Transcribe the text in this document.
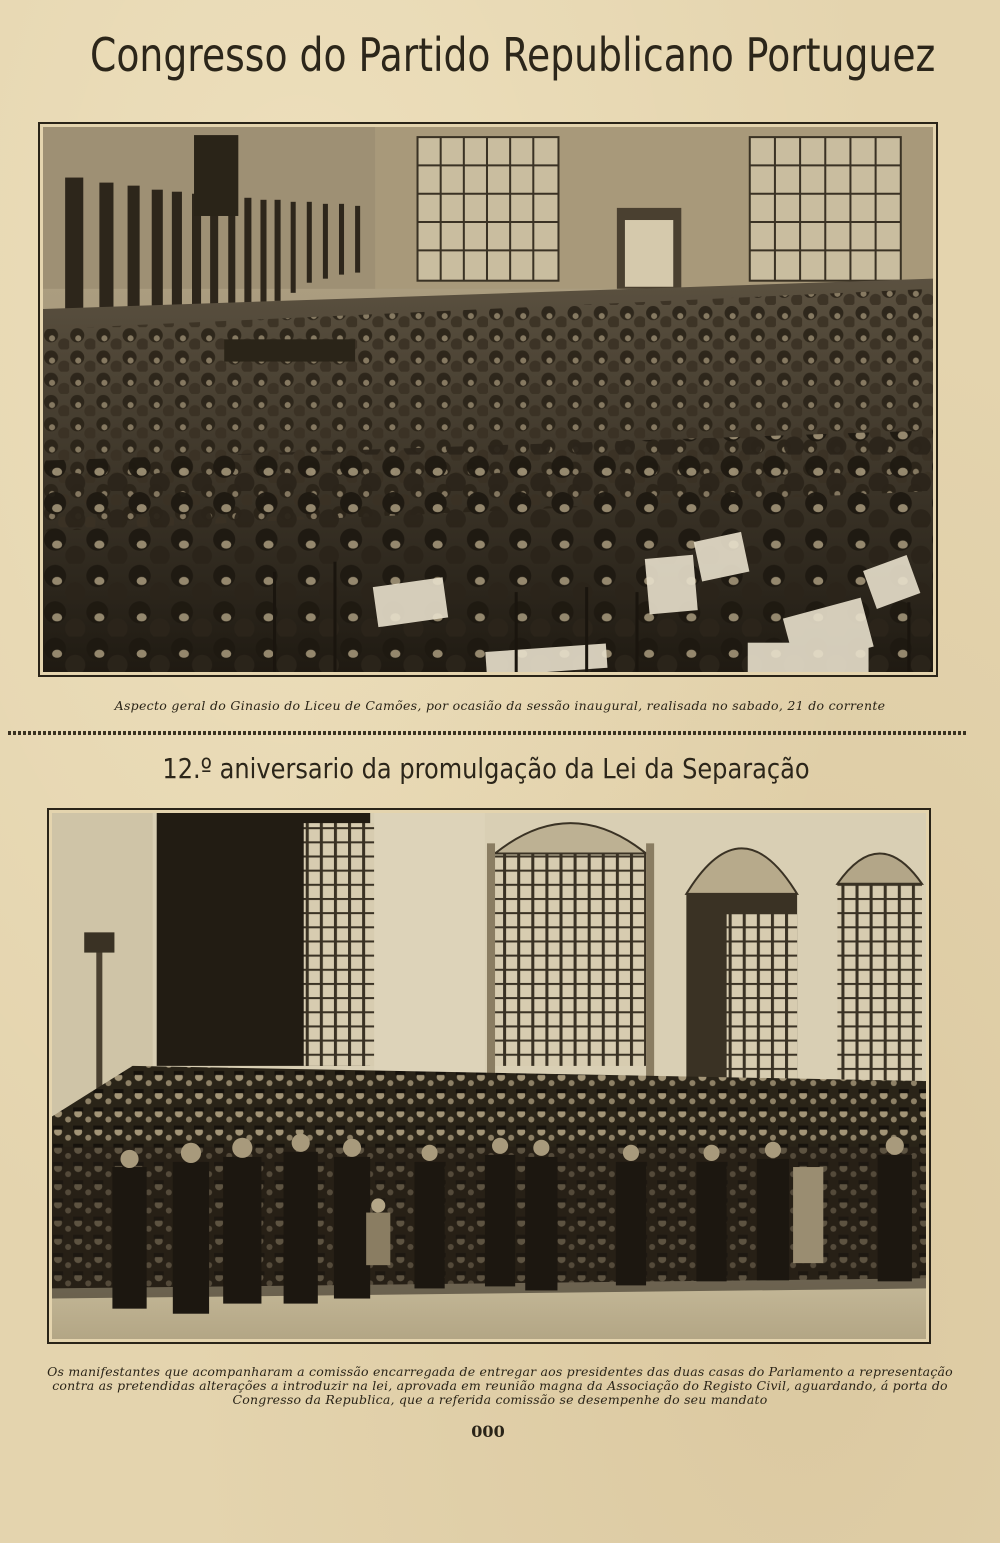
Congresso do Partido Republicano Portuguez
Aspecto geral do Ginasio do Liceu de Camões, por ocasião da sessão inaugural, realisada no sabado, 21 do corrente
12.º aniversario da promulgação da Lei da Separação
Os manifestantes que acompanharam a comissão encarregada de entregar aos presidentes das duas casas do Parlamento a representação contra as pretendidas alterações a introduzir na lei, aprovada em reunião magna da Associação do Registo Civil, aguardando, á porta do Congresso da Republica, que a referida comissão se desempenhe do seu mandato
000
